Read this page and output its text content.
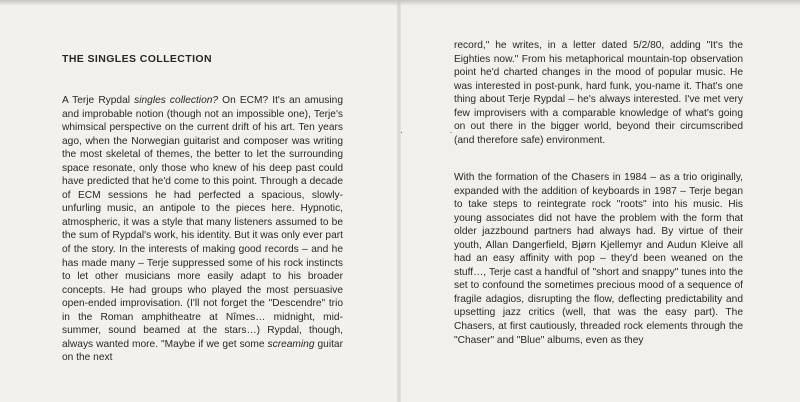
THE SINGLES COLLECTION

A Terje Rypdal singles collection? On ECM? It's an amusing and improbable notion (though not an impossible one), Terje's whimsical perspective on the current drift of his art. Ten years ago, when the Norwegian guitarist and composer was writing the most skeletal of themes, the better to let the surrounding space resonate, only those who knew of his deep past could have predicted that he'd come to this point. Through a decade of ECM sessions he had perfected a spacious, slowly-unfurling music, an antipole to the pieces here. Hypnotic, atmospheric, it was a style that many listeners assumed to be the sum of Rypdal's work, his identity. But it was only ever part of the story. In the interests of making good records – and he has made many – Terje suppressed some of his rock instincts to let other musicians more easily adapt to his broader concepts. He had groups who played the most persuasive open-ended improvisation. (I'll not forget the "Descendre" trio in the Roman amphitheatre at Nîmes… midnight, mid-summer, sound beamed at the stars…) Rypdal, though, always wanted more. "Maybe if we get some screaming guitar on the next

· ·

record," he writes, in a letter dated 5/2/80, adding "It's the Eighties now." From his metaphorical mountain-top observation point he'd charted changes in the mood of popular music. He was interested in post-punk, hard funk, you-name it. That's one thing about Terje Rypdal – he's always interested. I've met very few improvisers with a comparable knowledge of what's going on out there in the bigger world, beyond their circumscribed (and therefore safe) environment.

With the formation of the Chasers in 1984 – as a trio originally, expanded with the addition of keyboards in 1987 – Terje began to take steps to reintegrate rock "roots" into his music. His young associates did not have the problem with the form that older jazzbound partners had always had. By virtue of their youth, Allan Dangerfield, Bjørn Kjellemyr and Audun Kleive all had an easy affinity with pop – they'd been weaned on the stuff…, Terje cast a handful of "short and snappy" tunes into the set to confound the sometimes precious mood of a sequence of fragile adagios, disrupting the flow, deflecting predictability and upsetting jazz critics (well, that was the easy part). The Chasers, at first cautiously, threaded rock elements through the "Chaser" and "Blue" albums, even as they
